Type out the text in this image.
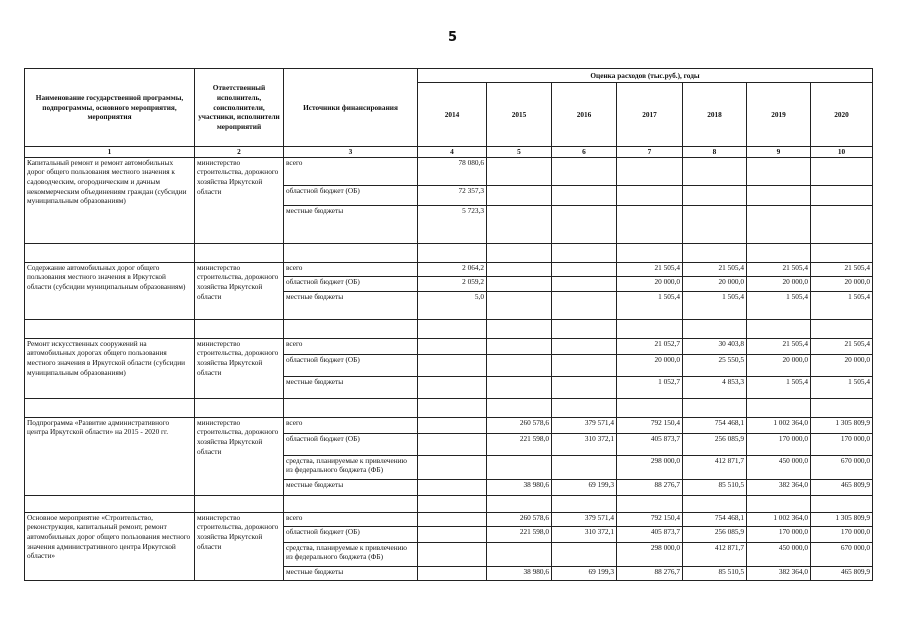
5
Наименование государственной программы, подпрограммы, основного мероприятия, мероприятия	Ответственный исполнитель, соисполнители, участники, исполнители мероприятий	Источники финансирования	Оценка расходов (тыс.руб.), годы						
			2014	2015	2016	2017	2018	2019	2020
1	2	3	4	5	6	7	8	9	10
Капитальный ремонт и ремонт автомобильных дорог общего пользования местного значения к садоводческим, огородническим и дачным некоммерческим объединениям граждан (субсидии муниципальным образованиям)	министерство строительства, дорожного хозяйства Иркутской области	всего	78 080,6						
		областной бюджет (ОБ)	72 357,3						
		местные бюджеты	5 723,3						

Содержание автомобильных дорог общего пользования местного значения в Иркутской области (субсидии муниципальным образованиям)	министерство строительства, дорожного хозяйства Иркутской области	всего	2 064,2			21 505,4	21 505,4	21 505,4	21 505,4
		областной бюджет (ОБ)	2 059,2			20 000,0	20 000,0	20 000,0	20 000,0
		местные бюджеты	5,0			1 505,4	1 505,4	1 505,4	1 505,4

Ремонт искусственных сооружений на автомобильных дорогах общего пользования местного значения в Иркутской области (субсидии муниципальным образованиям)	министерство строительства, дорожного хозяйства Иркутской области	всего				21 052,7	30 403,8	21 505,4	21 505,4
		областной бюджет (ОБ)				20 000,0	25 550,5	20 000,0	20 000,0
		местные бюджеты				1 052,7	4 853,3	1 505,4	1 505,4

Подпрограмма «Развитие административного центра Иркутской области» на 2015 - 2020 гг.	министерство строительства, дорожного хозяйства Иркутской области	всего		260 578,6	379 571,4	792 150,4	754 468,1	1 002 364,0	1 305 809,9
		областной бюджет (ОБ)		221 598,0	310 372,1	405 873,7	256 085,9	170 000,0	170 000,0
		средства, планируемые к привлечению из федерального бюджета (ФБ)				298 000,0	412 871,7	450 000,0	670 000,0
		местные бюджеты		38 980,6	69 199,3	88 276,7	85 510,5	382 364,0	465 809,9

Основное мероприятие «Строительство, реконструкция, капитальный ремонт, ремонт автомобильных дорог общего пользования местного значения административного центра Иркутской области»	министерство строительства, дорожного хозяйства Иркутской области	всего		260 578,6	379 571,4	792 150,4	754 468,1	1 002 364,0	1 305 809,9
		областной бюджет (ОБ)		221 598,0	310 372,1	405 873,7	256 085,9	170 000,0	170 000,0
		средства, планируемые к привлечению из федерального бюджета (ФБ)				298 000,0	412 871,7	450 000,0	670 000,0
		местные бюджеты		38 980,6	69 199,3	88 276,7	85 510,5	382 364,0	465 809,9
